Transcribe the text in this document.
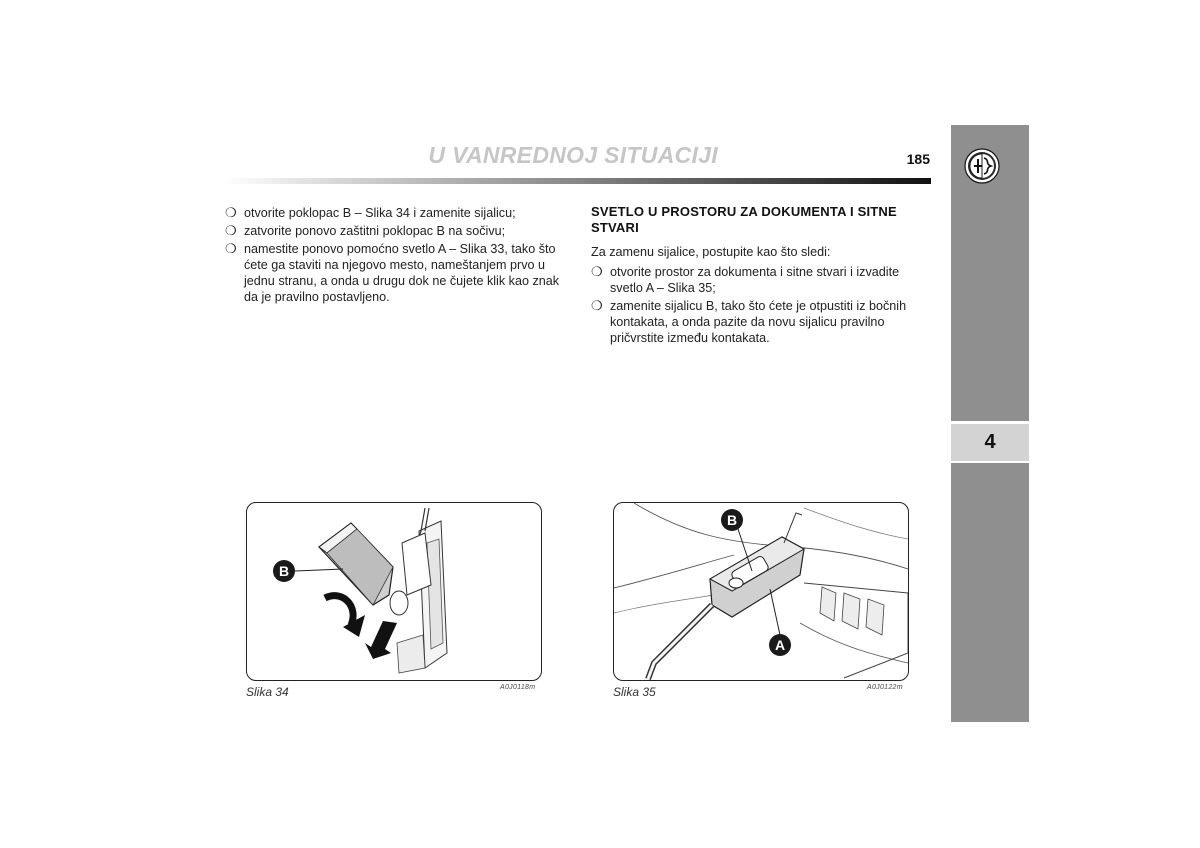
U VANREDNOJ SITUACIJI	185
4
❍ otvorite poklopac B – Slika 34 i zamenite sijalicu;
❍ zatvorite ponovo zaštitni poklopac B na sočivu;
❍ namestite ponovo pomoćno svetlo A – Slika 33, tako što ćete ga staviti na njegovo mesto, nameštanjem prvo u jednu stranu, a onda u drugu dok ne čujete klik kao znak da je pravilno postavljeno.

SVETLO U PROSTORU ZA DOKUMENTA I SITNE STVARI

Za zamenu sijalice, postupite kao što sledi:

❍ otvorite prostor za dokumenta i sitne stvari i izvadite svetlo A – Slika 35;
❍ zamenite sijalicu B, tako što ćete je otpustiti iz bočnih kontakata, a onda pazite da novu sijalicu pravilno pričvrstite između kontakata.
B
Slika 34	A0J0118m
B
A
Slika 35	A0J0122m
